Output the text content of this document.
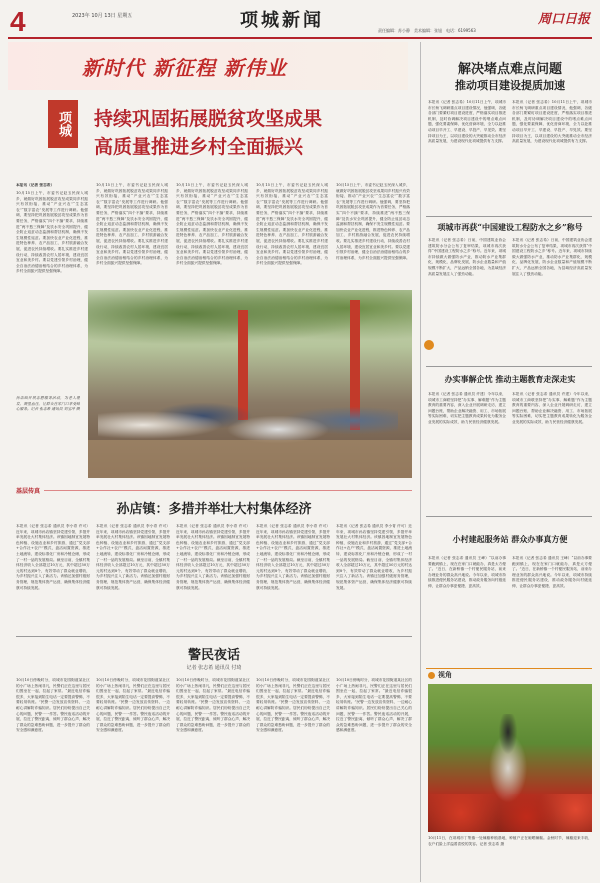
4	2023年 10月 13日 星期五	项城新闻	周口日报
责任编辑：苏小静　美术编辑：张旭　电话：6199563
新时代 新征程 新伟业
项城	持续巩固拓展脱贫攻坚成果
高质量推进乡村全面振兴
本报讯（记者 张志希）
10月15日上午，市委书记赵玉民深入城乡，就做好巩固拓展脱贫攻坚成果同乡村振兴有效衔接、推动“产业兴农”“生态富农”“数字富农”发展等工作进行调研。他强调，要坚持把巩固拓展脱贫攻坚成果作为首要任务，严格落实“四个不摘”要求，持续推进“两不愁三保障”及饮水安全巩固提升，健全防止返贫动态监测和帮扶机制，确保不发生规模性返贫。要加快农业产业化进程，推进特色种养、农产品加工、乡村旅游融合发展，促进农民持续增收。要扎实推进乡村建设行动，持续改善农村人居环境，建设宜居宜业和美乡村。要以党建引领乡村治理，健全自治法治德治相结合的乡村治理体系，为乡村全面振兴提供坚强保障。
10月15日上午，市委书记赵玉民深入城乡，就做好巩固拓展脱贫攻坚成果同乡村振兴有效衔接、推动“产业兴农”“生态富农”“数字富农”发展等工作进行调研。他强调，要坚持把巩固拓展脱贫攻坚成果作为首要任务，严格落实“四个不摘”要求，持续推进“两不愁三保障”及饮水安全巩固提升，健全防止返贫动态监测和帮扶机制，确保不发生规模性返贫。要加快农业产业化进程，推进特色种养、农产品加工、乡村旅游融合发展，促进农民持续增收。要扎实推进乡村建设行动，持续改善农村人居环境，建设宜居宜业和美乡村。要以党建引领乡村治理，健全自治法治德治相结合的乡村治理体系，为乡村全面振兴提供坚强保障。
10月15日上午，市委书记赵玉民深入城乡，就做好巩固拓展脱贫攻坚成果同乡村振兴有效衔接、推动“产业兴农”“生态富农”“数字富农”发展等工作进行调研。他强调，要坚持把巩固拓展脱贫攻坚成果作为首要任务，严格落实“四个不摘”要求，持续推进“两不愁三保障”及饮水安全巩固提升，健全防止返贫动态监测和帮扶机制，确保不发生规模性返贫。要加快农业产业化进程，推进特色种养、农产品加工、乡村旅游融合发展，促进农民持续增收。要扎实推进乡村建设行动，持续改善农村人居环境，建设宜居宜业和美乡村。要以党建引领乡村治理，健全自治法治德治相结合的乡村治理体系，为乡村全面振兴提供坚强保障。
10月15日上午，市委书记赵玉民深入城乡，就做好巩固拓展脱贫攻坚成果同乡村振兴有效衔接、推动“产业兴农”“生态富农”“数字富农”发展等工作进行调研。他强调，要坚持把巩固拓展脱贫攻坚成果作为首要任务，严格落实“四个不摘”要求，持续推进“两不愁三保障”及饮水安全巩固提升，健全防止返贫动态监测和帮扶机制，确保不发生规模性返贫。要加快农业产业化进程，推进特色种养、农产品加工、乡村旅游融合发展，促进农民持续增收。要扎实推进乡村建设行动，持续改善农村人居环境，建设宜居宜业和美乡村。要以党建引领乡村治理，健全自治法治德治相结合的乡村治理体系，为乡村全面振兴提供坚强保障。
10月15日上午，市委书记赵玉民深入城乡，就做好巩固拓展脱贫攻坚成果同乡村振兴有效衔接、推动“产业兴农”“生态富农”“数字富农”发展等工作进行调研。他强调，要坚持把巩固拓展脱贫攻坚成果作为首要任务，严格落实“四个不摘”要求，持续推进“两不愁三保障”及饮水安全巩固提升，健全防止返贫动态监测和帮扶机制，确保不发生规模性返贫。要加快农业产业化进程，推进特色种养、农产品加工、乡村旅游融合发展，促进农民持续增收。要扎实推进乡村建设行动，持续改善农村人居环境，建设宜居宜业和美乡村。要以党建引领乡村治理，健全自治法治德治相结合的乡村治理体系，为乡村全面振兴提供坚强保障。
孙店镇开展志愿服务活动，为老人理发、测量血压，让群众在家门口享受贴心服务。记者 张志希 通讯员 刘宝冲 摄
解决堵点难点问题
推动项目建设提质加速
本报讯（记者 张志希）10月11日上午，项城市市长杨飞调研重点项目建设情况，他强调，各级各部门要紧盯项目建设进度，严格落实项目推进机制，及时协调解决项目建设中的堵点难点问题，强化要素保障，优化营商环境，全力以赴推动项目早开工、早建设、早投产、早见效。要坚持项目为王，以项目建设的大突破推动全市经济高质量发展，为建设现代化项城提供有力支撑。
本报讯（记者 张志希）10月11日上午，项城市市长杨飞调研重点项目建设情况，他强调，各级各部门要紧盯项目建设进度，严格落实项目推进机制，及时协调解决项目建设中的堵点难点问题，强化要素保障，优化营商环境，全力以赴推动项目早开工、早建设、早投产、早见效。要坚持项目为王，以项目建设的大突破推动全市经济高质量发展，为建设现代化项城提供有力支撑。
项城市再获“中国建设工程防水之乡”称号
本报讯（记者 张志希）日前，中国建筑业协会建筑防水分会公布了复审结果，项城市再次获得“中国建设工程防水之乡”称号。近年来，项城市持续做大做强防水产业，推动防水产业集群化、规模化、品牌化发展，防水企业数量和产值规模不断扩大，产品远销全国各地，为县域经济高质量发展注入了强劲动能。
本报讯（记者 张志希）日前，中国建筑业协会建筑防水分会公布了复审结果，项城市再次获得“中国建设工程防水之乡”称号。近年来，项城市持续做大做强防水产业，推动防水产业集群化、规模化、品牌化发展，防水企业数量和产值规模不断扩大，产品远销全国各地，为县域经济高质量发展注入了强劲动能。
办实事解企忧 推动主题教育走深走实
本报讯（记者 张志希 通讯员 许建）今年以来，项城市工商联坚持把“办实事、解难题”作为主题教育的重要内容，深入企业开展调研走访，建立问题台账，帮助企业解决融资、用工、市场拓展等实际困难，切实把主题教育成果转化为服务企业发展的实际成效，助力民营经济健康发展。
本报讯（记者 张志希 通讯员 许建）今年以来，项城市工商联坚持把“办实事、解难题”作为主题教育的重要内容，深入企业开展调研走访，建立问题台账，帮助企业解决融资、用工、市场拓展等实际困难，切实把主题教育成果转化为服务企业发展的实际成效，助力民营经济健康发展。
小村建起服务站 群众办事真方便
本报讯（记者 张志希 通讯员 王峰）“以前办事要跑到镇上，现在在家门口就能办，真是太方便了。”近日，在新桥镇一个村便民服务站，前来办理业务的群众高兴地说。今年以来，项城市持续推进便民服务站建设，推动政务服务向村级延伸，让群众办事更便捷、更高效。
本报讯（记者 张志希 通讯员 王峰）“以前办事要跑到镇上，现在在家门口就能办，真是太方便了。”近日，在新桥镇一个村便民服务站，前来办理业务的群众高兴地说。今年以来，项城市持续推进便民服务站建设，推动政务服务向村级延伸，让群众办事更便捷、更高效。
$^{视角}$
10月11日，在项城市丁集镇一处辣椒种植基地，种植户正在晾晒辣椒。金秋时节，辣椒迎来丰收，农户们脸上洋溢着喜悦的笑容。记者 张志希 摄
基层传真
孙店镇：多措并举壮大村集体经济
本报讯（记者 张志希 通讯员 李小青 许可）近年来，项城市孙店镇坚持党建引领，多措并举发展壮大村集体经济。该镇因地制宜发展特色种植、设施农业和乡村旅游，通过“党支部+合作社+农户”模式，盘活闲置资源，推进土地流转，建设标准化厂房和冷链仓储，形成了一村一品的发展格局。截至目前，全镇村集体经济收入全部超过10万元，其中超过50万元的村达到8个，有效带动了群众就业增收，为乡村振兴注入了新活力。该镇还加强村级财务管理，规范集体资产运营，确保集体经济健康可持续发展。
本报讯（记者 张志希 通讯员 李小青 许可）近年来，项城市孙店镇坚持党建引领，多措并举发展壮大村集体经济。该镇因地制宜发展特色种植、设施农业和乡村旅游，通过“党支部+合作社+农户”模式，盘活闲置资源，推进土地流转，建设标准化厂房和冷链仓储，形成了一村一品的发展格局。截至目前，全镇村集体经济收入全部超过10万元，其中超过50万元的村达到8个，有效带动了群众就业增收，为乡村振兴注入了新活力。该镇还加强村级财务管理，规范集体资产运营，确保集体经济健康可持续发展。
本报讯（记者 张志希 通讯员 李小青 许可）近年来，项城市孙店镇坚持党建引领，多措并举发展壮大村集体经济。该镇因地制宜发展特色种植、设施农业和乡村旅游，通过“党支部+合作社+农户”模式，盘活闲置资源，推进土地流转，建设标准化厂房和冷链仓储，形成了一村一品的发展格局。截至目前，全镇村集体经济收入全部超过10万元，其中超过50万元的村达到8个，有效带动了群众就业增收，为乡村振兴注入了新活力。该镇还加强村级财务管理，规范集体资产运营，确保集体经济健康可持续发展。
本报讯（记者 张志希 通讯员 李小青 许可）近年来，项城市孙店镇坚持党建引领，多措并举发展壮大村集体经济。该镇因地制宜发展特色种植、设施农业和乡村旅游，通过“党支部+合作社+农户”模式，盘活闲置资源，推进土地流转，建设标准化厂房和冷链仓储，形成了一村一品的发展格局。截至目前，全镇村集体经济收入全部超过10万元，其中超过50万元的村达到8个，有效带动了群众就业增收，为乡村振兴注入了新活力。该镇还加强村级财务管理，规范集体资产运营，确保集体经济健康可持续发展。
本报讯（记者 张志希 通讯员 李小青 许可）近年来，项城市孙店镇坚持党建引领，多措并举发展壮大村集体经济。该镇因地制宜发展特色种植、设施农业和乡村旅游，通过“党支部+合作社+农户”模式，盘活闲置资源，推进土地流转，建设标准化厂房和冷链仓储，形成了一村一品的发展格局。截至目前，全镇村集体经济收入全部超过10万元，其中超过50万元的村达到8个，有效带动了群众就业增收，为乡村振兴注入了新活力。该镇还加强村级财务管理，规范集体资产运营，确保集体经济健康可持续发展。
警民夜话
记者 张志希 通讯员 付琦
10月10日傍晚时分，项城市花园街道某社区的小广场上热闹非凡，民警们正在这里与居民们围坐在一起，拉起了家常。“最近电信诈骗很多，大家接到陌生电话一定要提高警惕，不要轻易转账。”民警一边发放宣传资料，一边耐心讲解防诈骗知识。居民们纷纷提出自己关心的问题，民警一一作答。警民夜话活动的开展，拉近了警民距离，倾听了群众心声，解决了群众的急难愁盼问题，进一步提升了群众的安全感和满意度。
10月10日傍晚时分，项城市花园街道某社区的小广场上热闹非凡，民警们正在这里与居民们围坐在一起，拉起了家常。“最近电信诈骗很多，大家接到陌生电话一定要提高警惕，不要轻易转账。”民警一边发放宣传资料，一边耐心讲解防诈骗知识。居民们纷纷提出自己关心的问题，民警一一作答。警民夜话活动的开展，拉近了警民距离，倾听了群众心声，解决了群众的急难愁盼问题，进一步提升了群众的安全感和满意度。
10月10日傍晚时分，项城市花园街道某社区的小广场上热闹非凡，民警们正在这里与居民们围坐在一起，拉起了家常。“最近电信诈骗很多，大家接到陌生电话一定要提高警惕，不要轻易转账。”民警一边发放宣传资料，一边耐心讲解防诈骗知识。居民们纷纷提出自己关心的问题，民警一一作答。警民夜话活动的开展，拉近了警民距离，倾听了群众心声，解决了群众的急难愁盼问题，进一步提升了群众的安全感和满意度。
10月10日傍晚时分，项城市花园街道某社区的小广场上热闹非凡，民警们正在这里与居民们围坐在一起，拉起了家常。“最近电信诈骗很多，大家接到陌生电话一定要提高警惕，不要轻易转账。”民警一边发放宣传资料，一边耐心讲解防诈骗知识。居民们纷纷提出自己关心的问题，民警一一作答。警民夜话活动的开展，拉近了警民距离，倾听了群众心声，解决了群众的急难愁盼问题，进一步提升了群众的安全感和满意度。
10月10日傍晚时分，项城市花园街道某社区的小广场上热闹非凡，民警们正在这里与居民们围坐在一起，拉起了家常。“最近电信诈骗很多，大家接到陌生电话一定要提高警惕，不要轻易转账。”民警一边发放宣传资料，一边耐心讲解防诈骗知识。居民们纷纷提出自己关心的问题，民警一一作答。警民夜话活动的开展，拉近了警民距离，倾听了群众心声，解决了群众的急难愁盼问题，进一步提升了群众的安全感和满意度。
